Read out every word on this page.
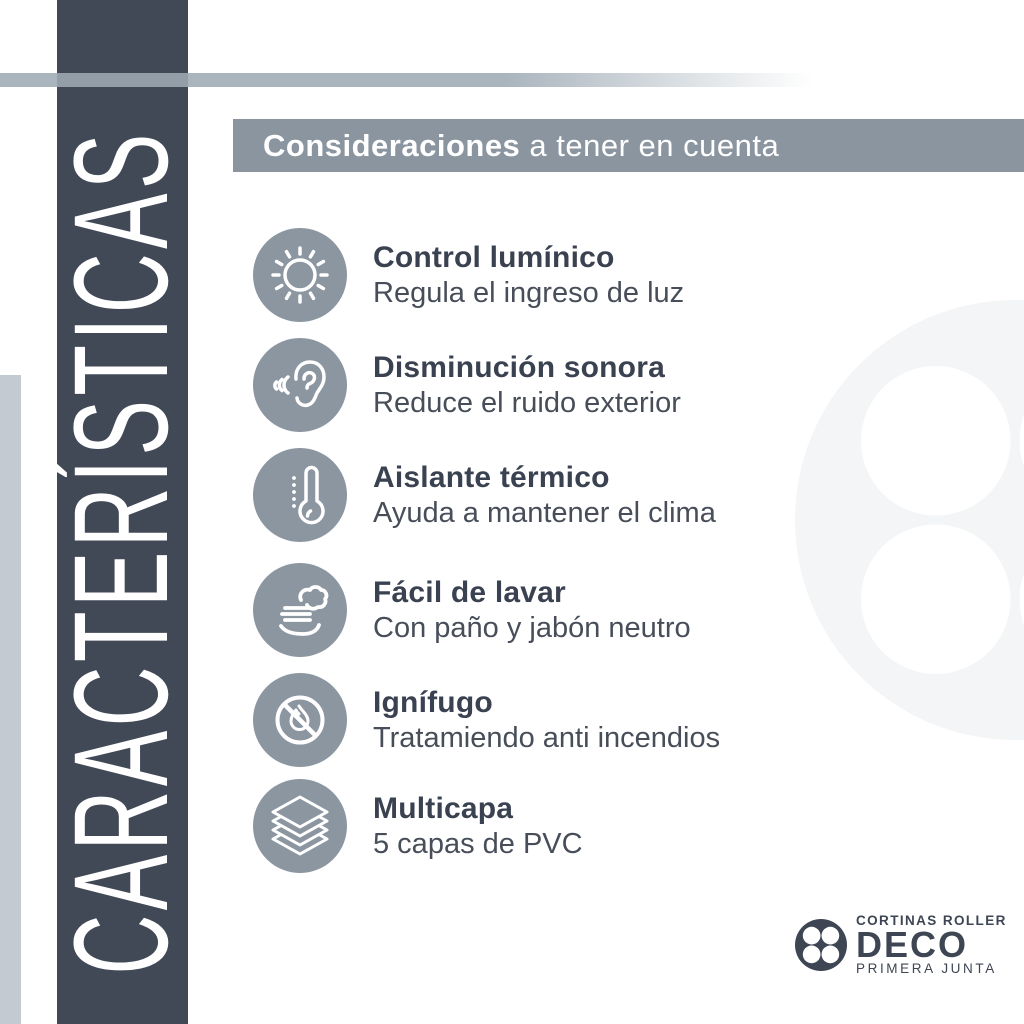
CARACTERÍSTICAS	Consideraciones a tener en cuenta
Control lumínico
Regula el ingreso de luz
Disminución sonora
Reduce el ruido exterior
Aislante térmico
Ayuda a mantener el clima
Fácil de lavar
Con paño y jabón neutro
Ignífugo
Tratamiendo anti incendios
Multicapa
5 capas de PVC
CORTINAS ROLLER
DECO
PRIMERA JUNTA
